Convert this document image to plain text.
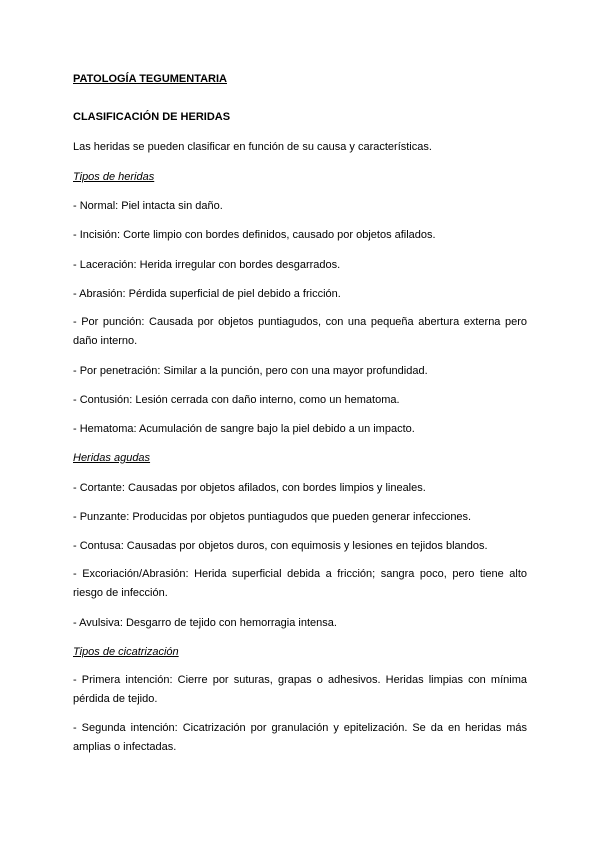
PATOLOGÍA TEGUMENTARIA
CLASIFICACIÓN DE HERIDAS
Las heridas se pueden clasificar en función de su causa y características.
Tipos de heridas
- Normal: Piel intacta sin daño.
- Incisión: Corte limpio con bordes definidos, causado por objetos afilados.
- Laceración: Herida irregular con bordes desgarrados.
- Abrasión: Pérdida superficial de piel debido a fricción.
- Por punción: Causada por objetos puntiagudos, con una pequeña abertura externa pero daño interno.
- Por penetración: Similar a la punción, pero con una mayor profundidad.
- Contusión: Lesión cerrada con daño interno, como un hematoma.
- Hematoma: Acumulación de sangre bajo la piel debido a un impacto.
Heridas agudas
- Cortante: Causadas por objetos afilados, con bordes limpios y lineales.
- Punzante: Producidas por objetos puntiagudos que pueden generar infecciones.
- Contusa: Causadas por objetos duros, con equimosis y lesiones en tejidos blandos.
- Excoriación/Abrasión: Herida superficial debida a fricción; sangra poco, pero tiene alto riesgo de infección.
- Avulsiva: Desgarro de tejido con hemorragia intensa.
Tipos de cicatrización
- Primera intención: Cierre por suturas, grapas o adhesivos. Heridas limpias con mínima pérdida de tejido.
- Segunda intención: Cicatrización por granulación y epitelización. Se da en heridas más amplias o infectadas.
